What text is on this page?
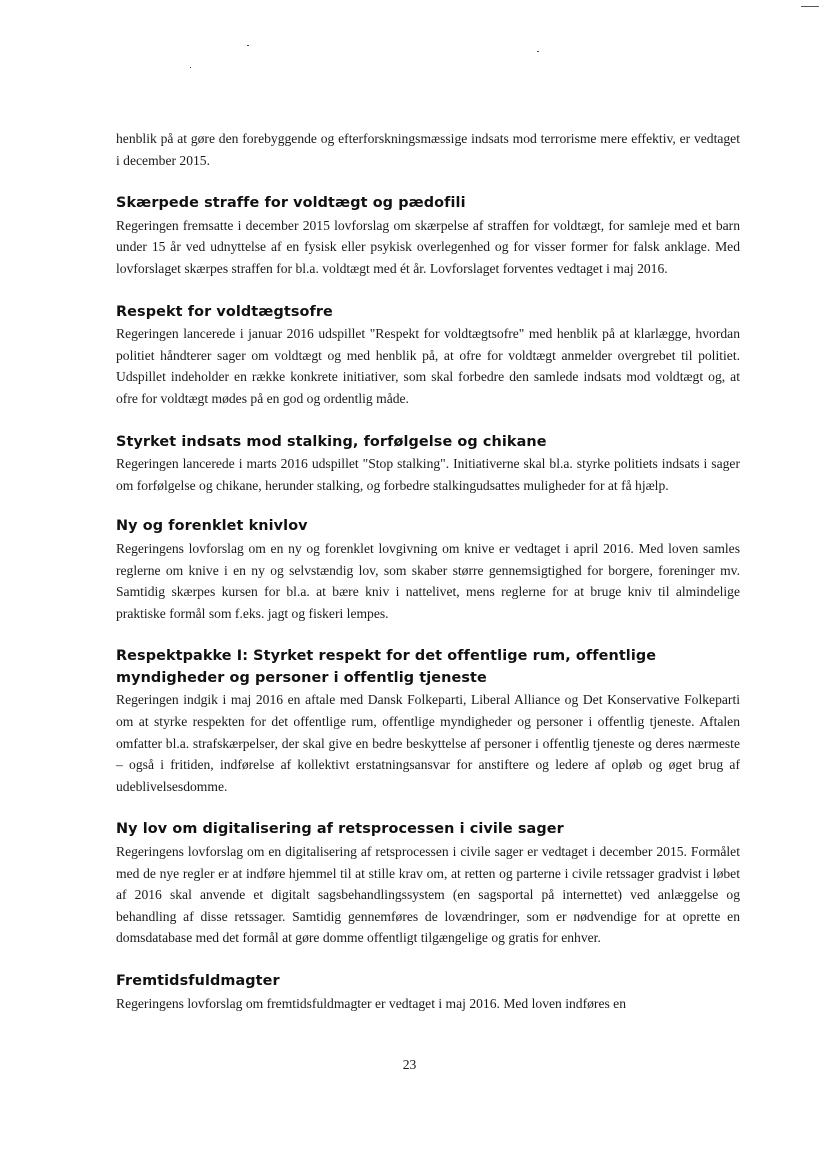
henblik på at gøre den forebyggende og efterforskningsmæssige indsats mod terrorisme mere effektiv, er vedtaget i december 2015.

Skærpede straffe for voldtægt og pædofili

Regeringen fremsatte i december 2015 lovforslag om skærpelse af straffen for voldtægt, for samleje med et barn under 15 år ved udnyttelse af en fysisk eller psykisk overlegenhed og for visser former for falsk anklage. Med lovforslaget skærpes straffen for bl.a. voldtægt med ét år. Lovforslaget forventes vedtaget i maj 2016.

Respekt for voldtægtsofre

Regeringen lancerede i januar 2016 udspillet "Respekt for voldtægtsofre" med henblik på at klarlægge, hvordan politiet håndterer sager om voldtægt og med henblik på, at ofre for voldtægt anmelder overgrebet til politiet. Udspillet indeholder en række konkrete initiativer, som skal forbedre den samlede indsats mod voldtægt og, at ofre for voldtægt mødes på en god og ordentlig måde.

Styrket indsats mod stalking, forfølgelse og chikane

Regeringen lancerede i marts 2016 udspillet "Stop stalking". Initiativerne skal bl.a. styrke politiets indsats i sager om forfølgelse og chikane, herunder stalking, og forbedre stalkingudsattes muligheder for at få hjælp.

Ny og forenklet knivlov

Regeringens lovforslag om en ny og forenklet lovgivning om knive er vedtaget i april 2016. Med loven samles reglerne om knive i en ny og selvstændig lov, som skaber større gennemsigtighed for borgere, foreninger mv. Samtidig skærpes kursen for bl.a. at bære kniv i nattelivet, mens reglerne for at bruge kniv til almindelige praktiske formål som f.eks. jagt og fiskeri lempes.

Respektpakke I: Styrket respekt for det offentlige rum, offentlige myndigheder og personer i offentlig tjeneste

Regeringen indgik i maj 2016 en aftale med Dansk Folkeparti, Liberal Alliance og Det Konservative Folkeparti om at styrke respekten for det offentlige rum, offentlige myndigheder og personer i offentlig tjeneste. Aftalen omfatter bl.a. strafskærpelser, der skal give en bedre beskyttelse af personer i offentlig tjeneste og deres nærmeste – også i fritiden, indførelse af kollektivt erstatningsansvar for anstiftere og ledere af opløb og øget brug af udeblivelsesdomme.

Ny lov om digitalisering af retsprocessen i civile sager

Regeringens lovforslag om en digitalisering af retsprocessen i civile sager er vedtaget i december 2015. Formålet med de nye regler er at indføre hjemmel til at stille krav om, at retten og parterne i civile retssager gradvist i løbet af 2016 skal anvende et digitalt sagsbehandlingssystem (en sagsportal på internettet) ved anlæggelse og behandling af disse retssager. Samtidig gennemføres de lovændringer, som er nødvendige for at oprette en domsdatabase med det formål at gøre domme offentligt tilgængelige og gratis for enhver.

Fremtidsfuldmagter

Regeringens lovforslag om fremtidsfuldmagter er vedtaget i maj 2016. Med loven indføres en

23
